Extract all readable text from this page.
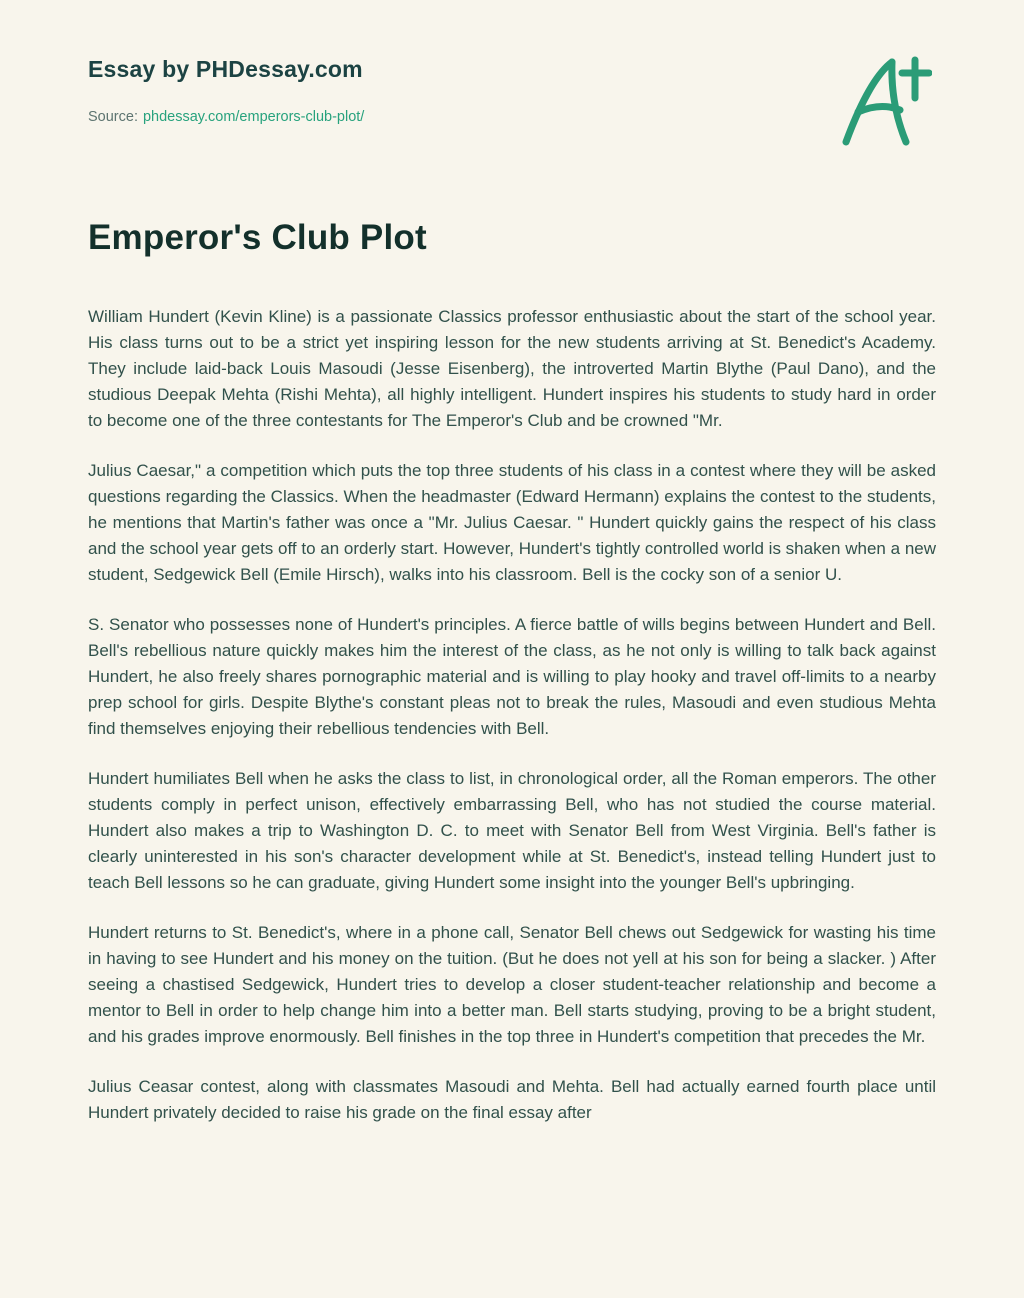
Essay by PHDessay.com
Source: phdessay.com/emperors-club-plot/
Emperor's Club Plot

William Hundert (Kevin Kline) is a passionate Classics professor enthusiastic about the start of the school year. His class turns out to be a strict yet inspiring lesson for the new students arriving at St. Benedict's Academy. They include laid-back Louis Masoudi (Jesse Eisenberg), the introverted Martin Blythe (Paul Dano), and the studious Deepak Mehta (Rishi Mehta), all highly intelligent. Hundert inspires his students to study hard in order to become one of the three contestants for The Emperor's Club and be crowned "Mr.

Julius Caesar," a competition which puts the top three students of his class in a contest where they will be asked questions regarding the Classics. When the headmaster (Edward Hermann) explains the contest to the students, he mentions that Martin's father was once a "Mr. Julius Caesar. " Hundert quickly gains the respect of his class and the school year gets off to an orderly start. However, Hundert's tightly controlled world is shaken when a new student, Sedgewick Bell (Emile Hirsch), walks into his classroom. Bell is the cocky son of a senior U.

S. Senator who possesses none of Hundert's principles. A fierce battle of wills begins between Hundert and Bell. Bell's rebellious nature quickly makes him the interest of the class, as he not only is willing to talk back against Hundert, he also freely shares pornographic material and is willing to play hooky and travel off-limits to a nearby prep school for girls. Despite Blythe's constant pleas not to break the rules, Masoudi and even studious Mehta find themselves enjoying their rebellious tendencies with Bell.

Hundert humiliates Bell when he asks the class to list, in chronological order, all the Roman emperors. The other students comply in perfect unison, effectively embarrassing Bell, who has not studied the course material. Hundert also makes a trip to Washington D. C. to meet with Senator Bell from West Virginia. Bell's father is clearly uninterested in his son's character development while at St. Benedict's, instead telling Hundert just to teach Bell lessons so he can graduate, giving Hundert some insight into the younger Bell's upbringing.

Hundert returns to St. Benedict's, where in a phone call, Senator Bell chews out Sedgewick for wasting his time in having to see Hundert and his money on the tuition. (But he does not yell at his son for being a slacker. ) After seeing a chastised Sedgewick, Hundert tries to develop a closer student-teacher relationship and become a mentor to Bell in order to help change him into a better man. Bell starts studying, proving to be a bright student, and his grades improve enormously. Bell finishes in the top three in Hundert's competition that precedes the Mr.

Julius Ceasar contest, along with classmates Masoudi and Mehta. Bell had actually earned fourth place until Hundert privately decided to raise his grade on the final essay after
